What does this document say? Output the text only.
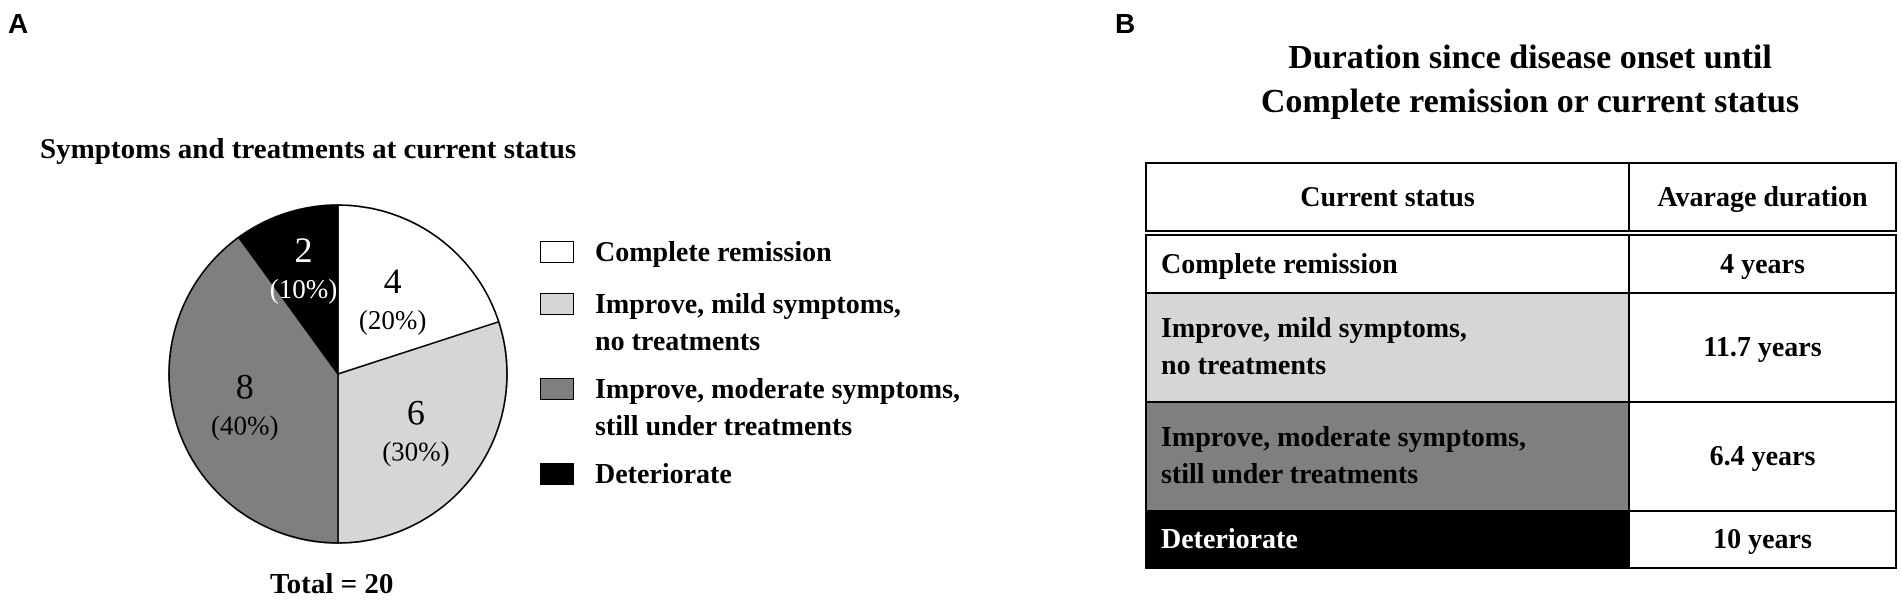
A
Symptoms and treatments at current status
4
(20%)
6
(30%)
8
(40%)
2
(10%)
Complete remission
Improve, mild symptoms,
no treatments
Improve, moderate symptoms,
still under treatments
Deteriorate
Total = 20
B
Duration since disease onset until
Complete remission or current status
Current status	Avarage duration

Complete remission	4 years

Improve, mild symptoms,
no treatments	11.7 years

Improve, moderate symptoms,
still under treatments	6.4 years

Deteriorate	10 years
